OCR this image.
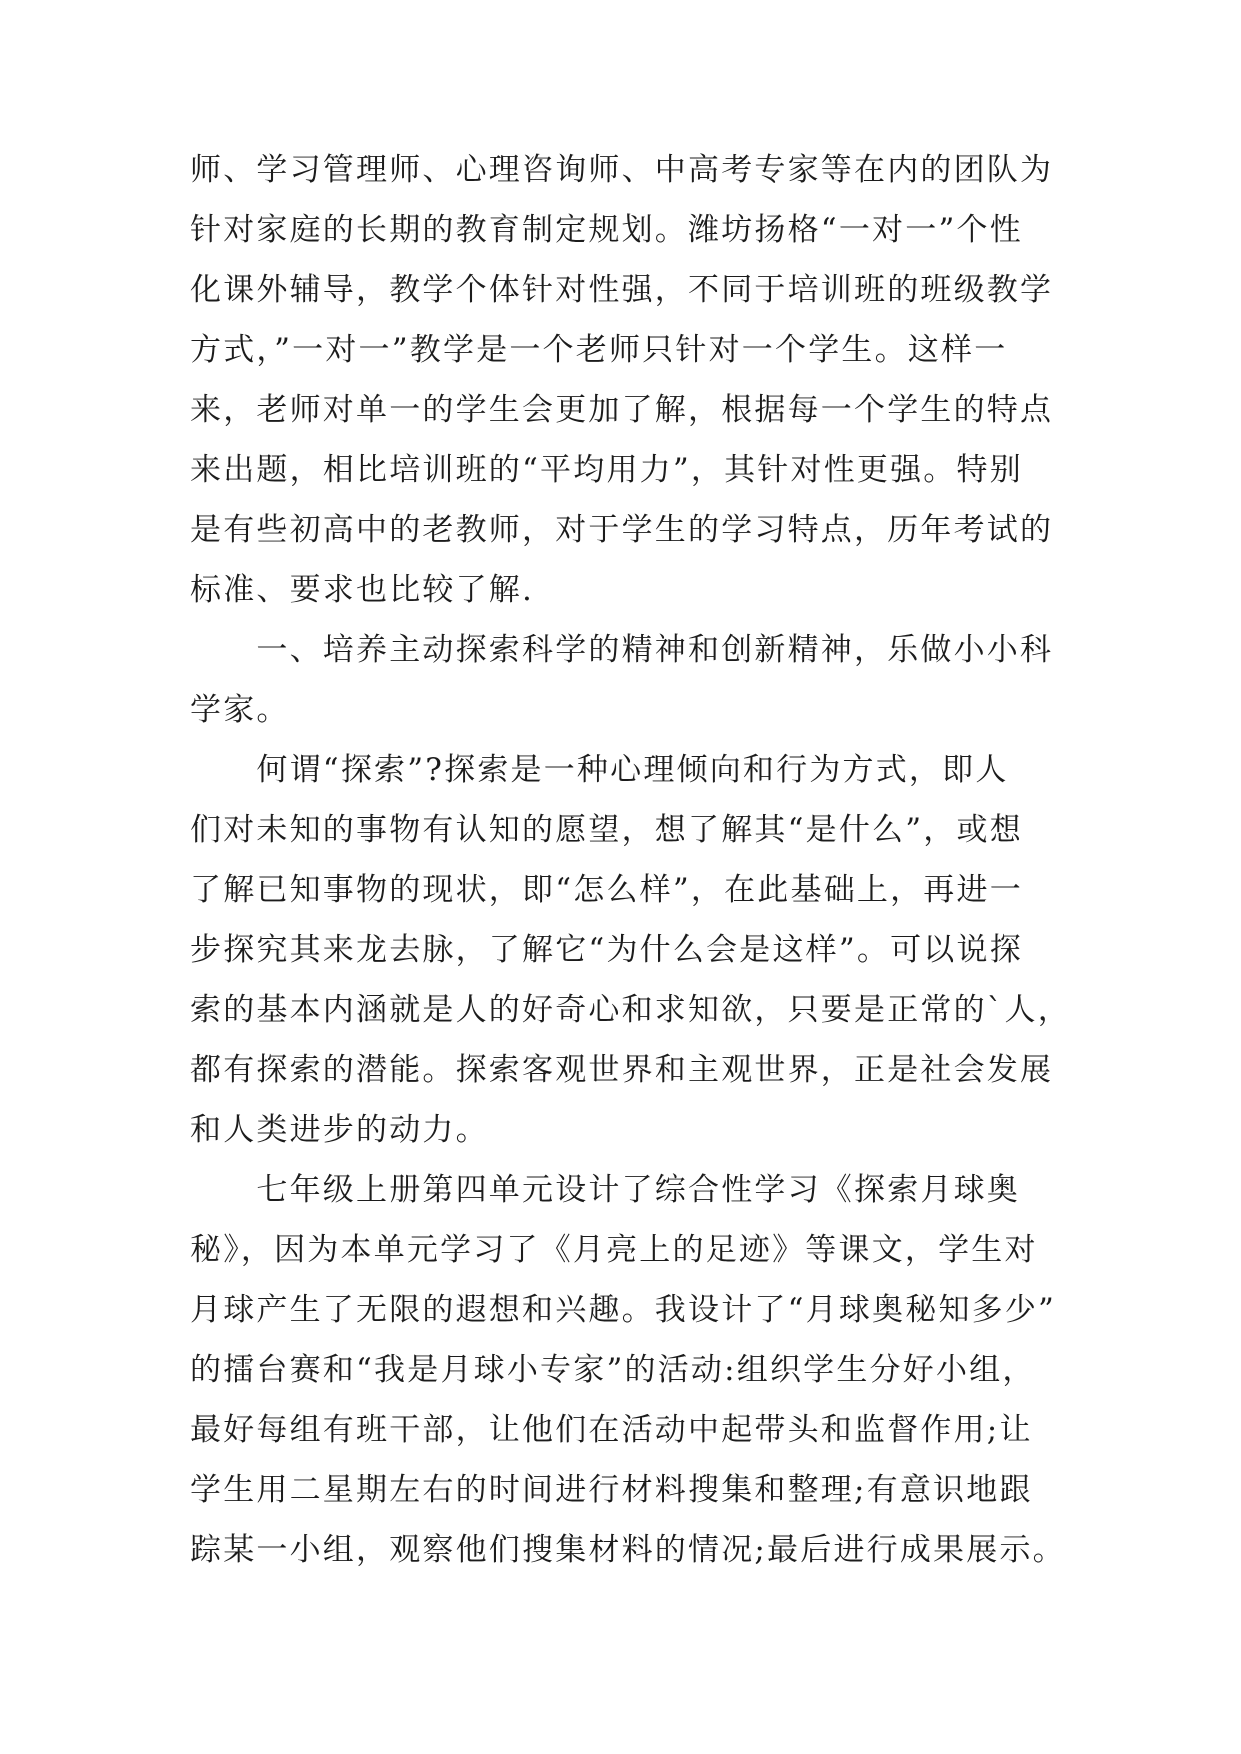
师、学习管理师、心理咨询师、中高考专家等在内的团队为
针对家庭的长期的教育制定规划。潍坊扬格“一对一”个性
化课外辅导，教学个体针对性强，不同于培训班的班级教学
方式，”一对一”教学是一个老师只针对一个学生。这样一
来，老师对单一的学生会更加了解，根据每一个学生的特点
来出题，相比培训班的“平均用力”，其针对性更强。特别
是有些初高中的老教师，对于学生的学习特点，历年考试的
标准、要求也比较了解.
　　一、培养主动探索科学的精神和创新精神，乐做小小科
学家。
　　何谓“探索”?探索是一种心理倾向和行为方式，即人
们对未知的事物有认知的愿望，想了解其“是什么”，或想
了解已知事物的现状，即“怎么样”，在此基础上，再进一
步探究其来龙去脉，了解它“为什么会是这样”。可以说探
索的基本内涵就是人的好奇心和求知欲，只要是正常的`人，
都有探索的潜能。探索客观世界和主观世界，正是社会发展
和人类进步的动力。
　　七年级上册第四单元设计了综合性学习《探索月球奥
秘》，因为本单元学习了《月亮上的足迹》等课文，学生对
月球产生了无限的遐想和兴趣。我设计了“月球奥秘知多少”
的擂台赛和“我是月球小专家”的活动:组织学生分好小组，
最好每组有班干部，让他们在活动中起带头和监督作用;让
学生用二星期左右的时间进行材料搜集和整理;有意识地跟
踪某一小组，观察他们搜集材料的情况;最后进行成果展示。
